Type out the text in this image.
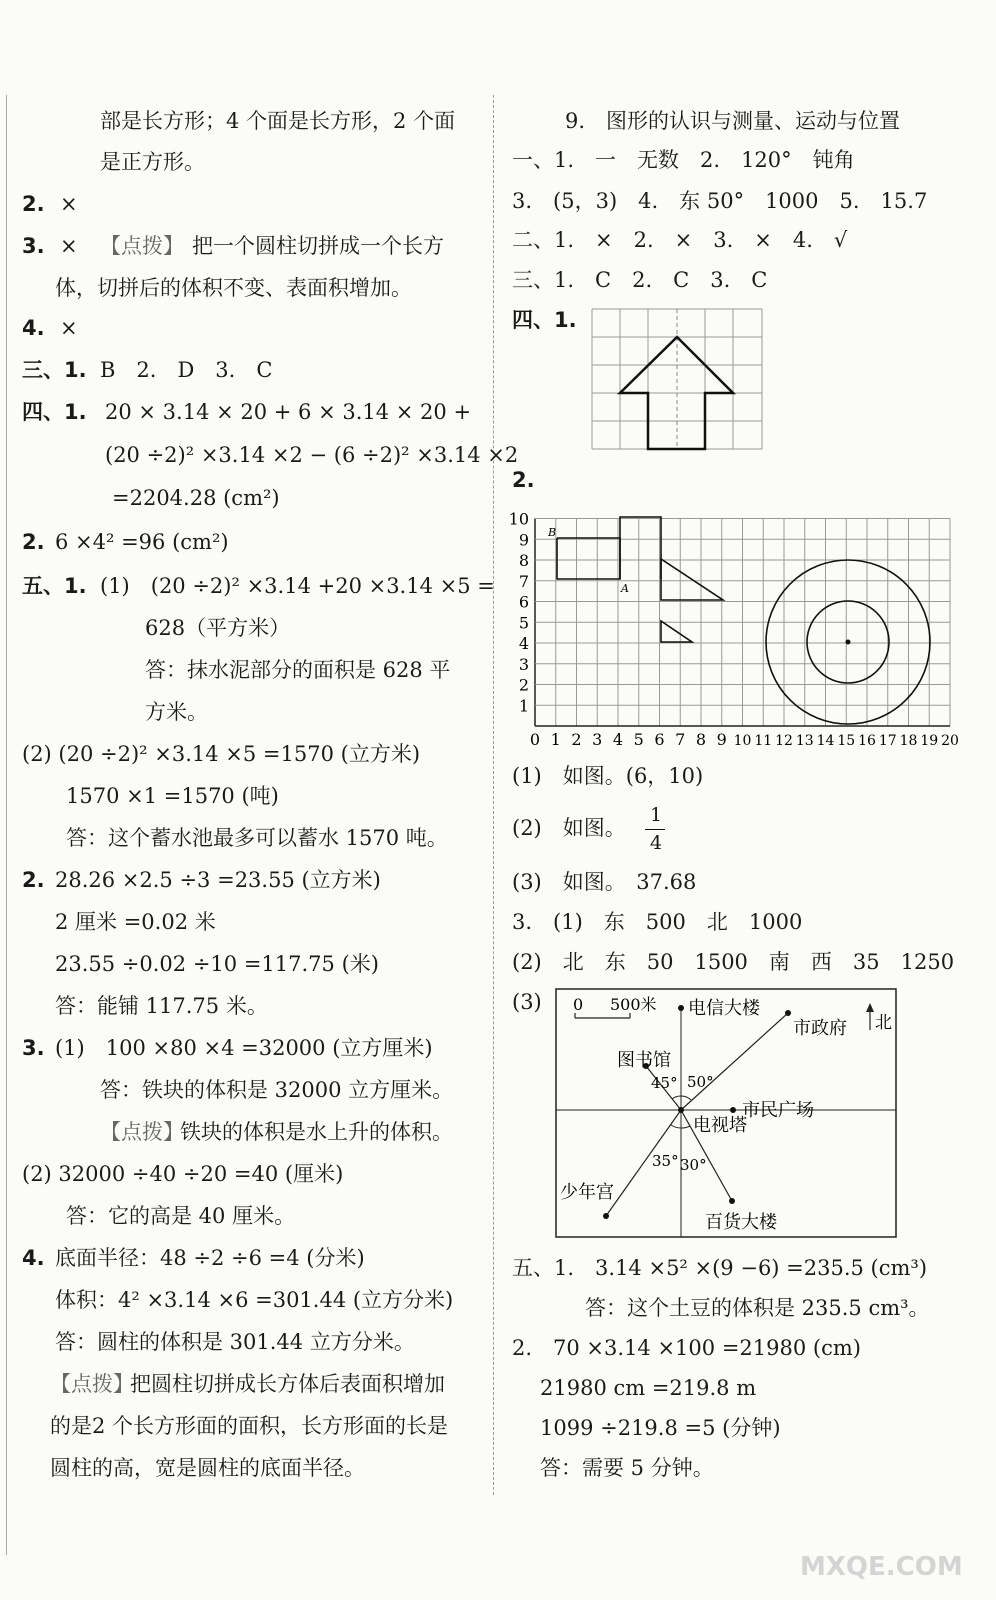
部是长方形；4 个面是长方形，2 个面
是正方形。
2. ×
3. × 【点拨】 把一个圆柱切拼成一个长方
体，切拼后的体积不变、表面积增加。
4. ×
三、1. B　2.　D　3.　C
四、1. 20 × 3.14 × 20 + 6 × 3.14 × 20 +
(20 ÷2)² ×3.14 ×2 − (6 ÷2)² ×3.14 ×2
=2204.28 (cm²)
2. 6 ×4² =96 (cm²)
五、1. (1)　(20 ÷2)² ×3.14 +20 ×3.14 ×5 =
628（平方米）
答：抹水泥部分的面积是 628 平
方米。
(2) (20 ÷2)² ×3.14 ×5 =1570 (立方米)
1570 ×1 =1570 (吨)
答：这个蓄水池最多可以蓄水 1570 吨。
2. 28.26 ×2.5 ÷3 =23.55 (立方米)
2 厘米 =0.02 米
23.55 ÷0.02 ÷10 =117.75 (米)
答：能铺 117.75 米。
3. (1)　100 ×80 ×4 =32000 (立方厘米)
答：铁块的体积是 32000 立方厘米。
【点拨】
铁块的体积是水上升的体积。
(2) 32000 ÷40 ÷20 =40 (厘米)
答：它的高是 40 厘米。
4. 底面半径：48 ÷2 ÷6 =4 (分米)
体积：4² ×3.14 ×6 =301.44 (立方分米)
答：圆柱的体积是 301.44 立方分米。
【点拨】
把圆柱切拼成长方体后表面积增加
的是2 个长方形面的面积，长方形面的长是
圆柱的高，宽是圆柱的底面半径。
9.　图形的认识与测量、运动与位置
一、1.　一　无数　2.　120°　钝角
3.　(5，3)　4.　东 50°　1000　5.　15.7
二、1.　×　2.　×　3.　×　4.　√
三、1.　C　2.　C　3.　C
四、1.
2.
B
A
10
9
8
7
6
5
4
3
2
1
0 1 2 3 4 5 6 7 8 9 10 11 12 13 14 15 16 17 18 19 20
(1)　如图。(6，10)
(2)　如图。
1
4
(3)　如图。　37.68
3.　(1)　东　500　北　1000
(2)　北　东　50　1500　南　西　35　1250
(3) 0 500米
北
电信大楼
市政府
图书馆
45° 50°
市民广场
电视塔
35° 30°
少年宫
百货大楼
五、1.　3.14 ×5² ×(9 −6) =235.5 (cm³)
答：这个土豆的体积是 235.5 cm³。
2.　70 ×3.14 ×100 =21980 (cm)
21980 cm =219.8 m
1099 ÷219.8 =5 (分钟)
答：需要 5 分钟。
MXQE.COM
